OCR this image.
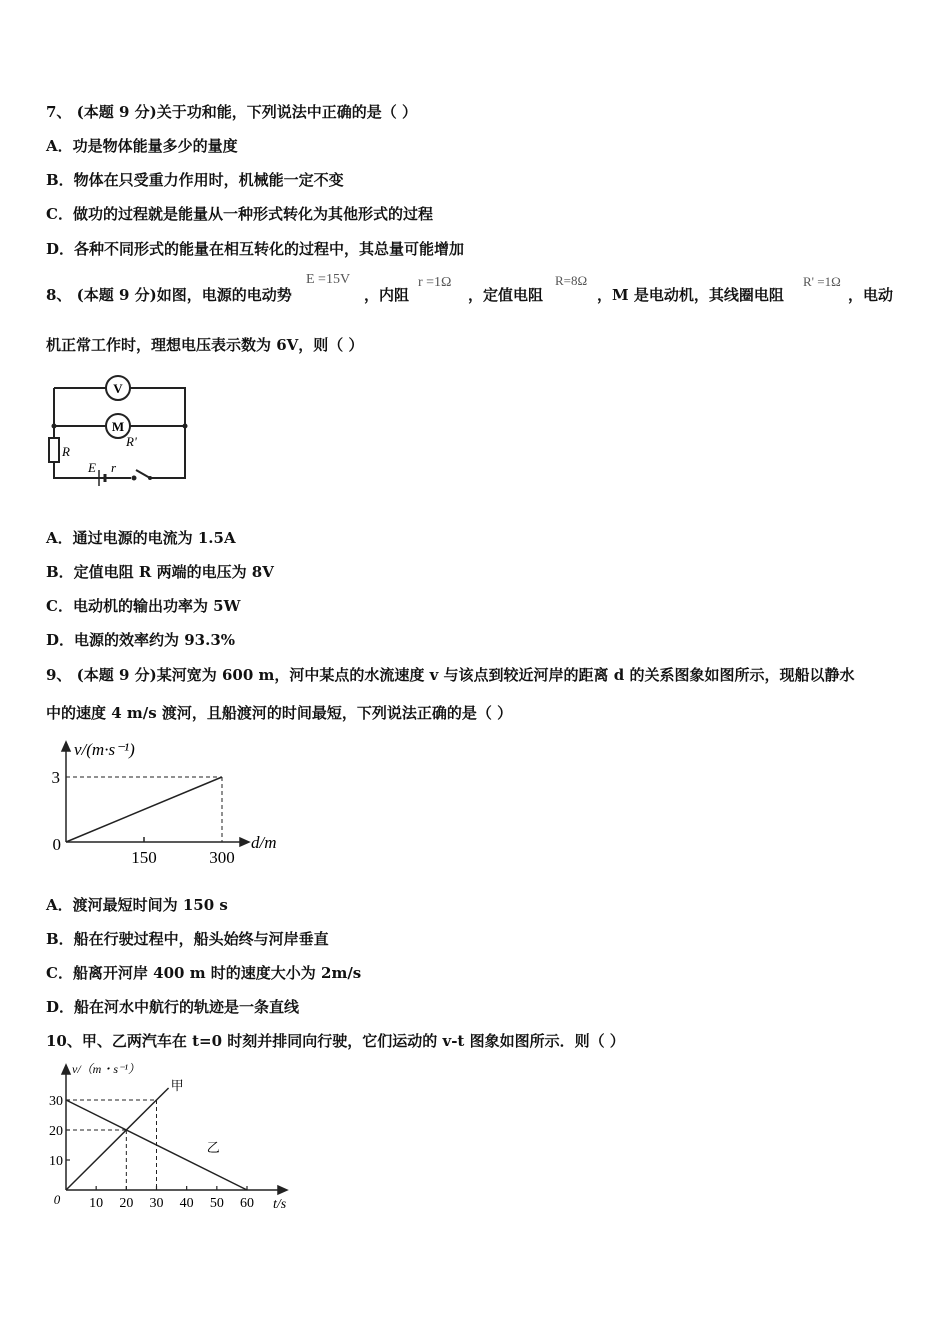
7、 (本题 9 分)关于功和能，下列说法中正确的是（ ）
A．功是物体能量多少的量度
B．物体在只受重力作用时，机械能一定不变
C．做功的过程就是能量从一种形式转化为其他形式的过程
D．各种不同形式的能量在相互转化的过程中，其总量可能增加
8、 (本题 9 分)如图，电源的电动势
E =15V
，内阻
r =1Ω
，定值电阻
R=8Ω
，M 是电动机，其线圈电阻
R' =1Ω
，电动
机正常工作时，理想电压表示数为 6V，则（ ）
V
M
R'
R
E r
A．通过电源的电流为 1.5A
B．定值电阻 R 两端的电压为 8V
C．电动机的输出功率为 5W
D．电源的效率约为 93.3%
9、 (本题 9 分)某河宽为 600 m，河中某点的水流速度 v 与该点到较近河岸的距离 d 的关系图象如图所示，现船以静水
中的速度 4 m/s 渡河，且船渡河的时间最短，下列说法正确的是（ ）
v/(m·s⁻¹)
3
0
150	300
d/m
A．渡河最短时间为 150 s
B．船在行驶过程中，船头始终与河岸垂直
C．船离开河岸 400 m 时的速度大小为 2m/s
D．船在河水中航行的轨迹是一条直线
10、甲、乙两汽车在 t=0 时刻并排同向行驶，它们运动的 v-t 图象如图所示．则（ ）
甲
乙
10 20 30 40 50 60
10
20
30
v/（m・s⁻¹）
0	t/s
